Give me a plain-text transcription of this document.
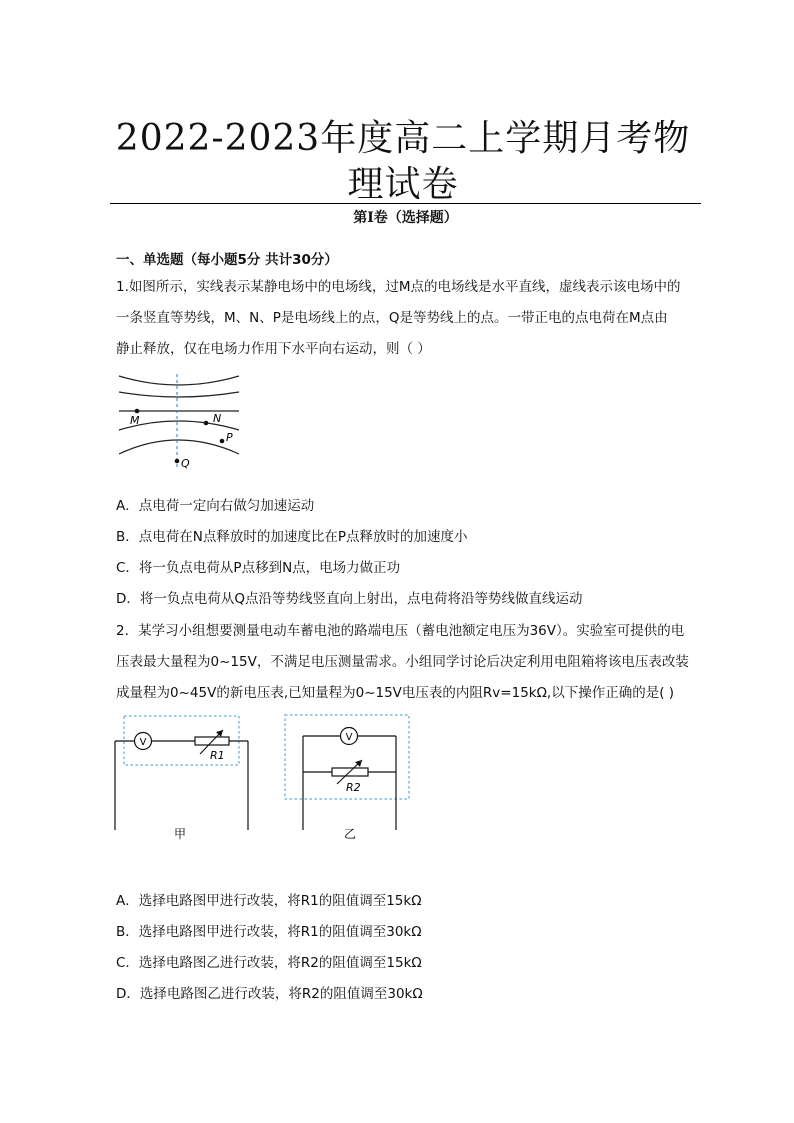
2022-2023年度高二上学期月考物理试卷
第Ⅰ卷（选择题）
一、单选题（每小题5分 共计30分）
1.如图所示，实线表示某静电场中的电场线，过M点的电场线是水平直线，虚线表示该电场中的
一条竖直等势线，M、N、P是电场线上的点，Q是等势线上的点。一带正电的点电荷在M点由
静止释放，仅在电场力作用下水平向右运动，则（ ）
M	N
P
Q
A．点电荷一定向右做匀加速运动
B．点电荷在N点释放时的加速度比在P点释放时的加速度小
C．将一负点电荷从P点移到N点，电场力做正功
D．将一负点电荷从Q点沿等势线竖直向上射出，点电荷将沿等势线做直线运动
2．某学习小组想要测量电动车蓄电池的路端电压（蓄电池额定电压为36V）。实验室可提供的电
压表最大量程为0~15V，不满足电压测量需求。小组同学讨论后决定利用电阻箱将该电压表改装
成量程为0~45V的新电压表,已知量程为0~15V电压表的内阻Rv=15kΩ,以下操作正确的是( )
V
R1
甲
V
R2
乙
A．选择电路图甲进行改装，将R1的阻值调至15kΩ
B．选择电路图甲进行改装，将R1的阻值调至30kΩ
C．选择电路图乙进行改装，将R2的阻值调至15kΩ
D．选择电路图乙进行改装，将R2的阻值调至30kΩ
